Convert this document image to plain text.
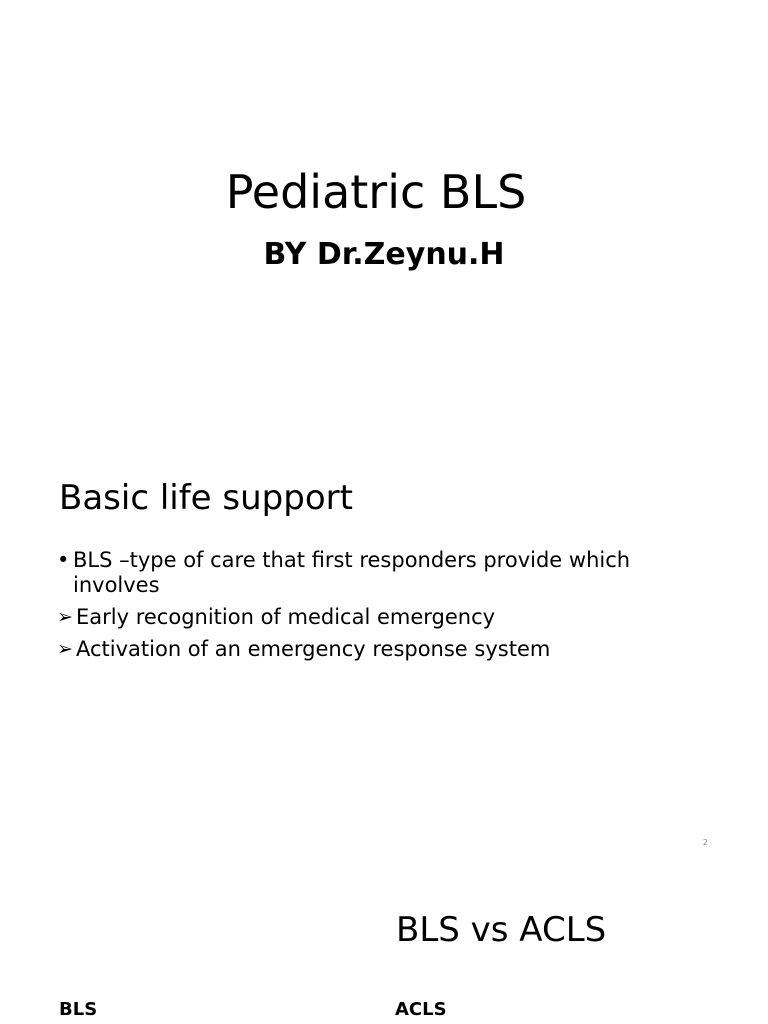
Pediatric BLS
BY Dr.Zeynu.H
Basic life support
• BLS –type of care that first responders provide which involves
➢ Early recognition of medical emergency
➢ Activation of an emergency response system
2
BLS vs ACLS
BLS	ACLS
